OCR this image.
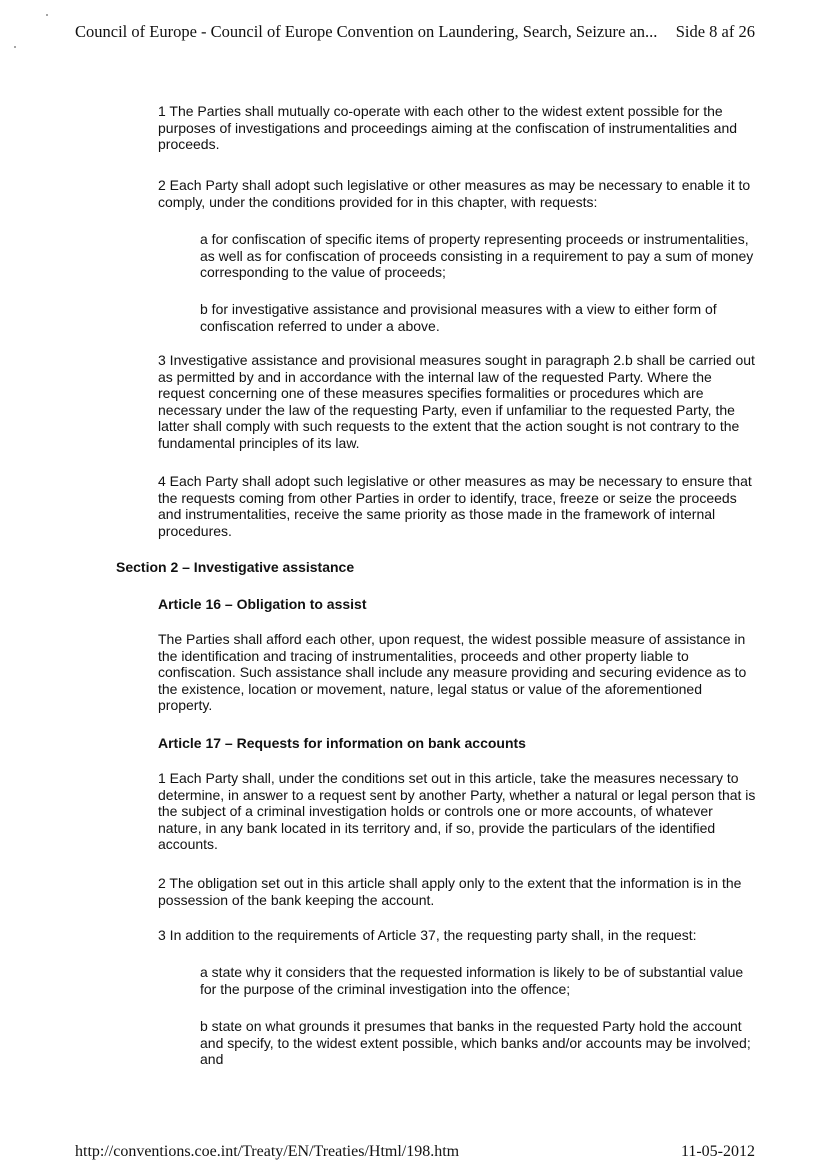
Council of Europe - Council of Europe Convention on Laundering, Search, Seizure an... Side 8 af 26

1 The Parties shall mutually co-operate with each other to the widest extent possible for the purposes of investigations and proceedings aiming at the confiscation of instrumentalities and proceeds.

2 Each Party shall adopt such legislative or other measures as may be necessary to enable it to comply, under the conditions provided for in this chapter, with requests:

a for confiscation of specific items of property representing proceeds or instrumentalities, as well as for confiscation of proceeds consisting in a requirement to pay a sum of money corresponding to the value of proceeds;

b for investigative assistance and provisional measures with a view to either form of confiscation referred to under a above.

3 Investigative assistance and provisional measures sought in paragraph 2.b shall be carried out as permitted by and in accordance with the internal law of the requested Party. Where the request concerning one of these measures specifies formalities or procedures which are necessary under the law of the requesting Party, even if unfamiliar to the requested Party, the latter shall comply with such requests to the extent that the action sought is not contrary to the fundamental principles of its law.

4 Each Party shall adopt such legislative or other measures as may be necessary to ensure that the requests coming from other Parties in order to identify, trace, freeze or seize the proceeds and instrumentalities, receive the same priority as those made in the framework of internal procedures.

Section 2 – Investigative assistance

Article 16 – Obligation to assist

The Parties shall afford each other, upon request, the widest possible measure of assistance in the identification and tracing of instrumentalities, proceeds and other property liable to confiscation. Such assistance shall include any measure providing and securing evidence as to the existence, location or movement, nature, legal status or value of the aforementioned property.

Article 17 – Requests for information on bank accounts

1 Each Party shall, under the conditions set out in this article, take the measures necessary to determine, in answer to a request sent by another Party, whether a natural or legal person that is the subject of a criminal investigation holds or controls one or more accounts, of whatever nature, in any bank located in its territory and, if so, provide the particulars of the identified accounts.

2 The obligation set out in this article shall apply only to the extent that the information is in the possession of the bank keeping the account.

3 In addition to the requirements of Article 37, the requesting party shall, in the request:

a state why it considers that the requested information is likely to be of substantial value for the purpose of the criminal investigation into the offence;

b state on what grounds it presumes that banks in the requested Party hold the account and specify, to the widest extent possible, which banks and/or accounts may be involved; and

http://conventions.coe.int/Treaty/EN/Treaties/Html/198.htm	11-05-2012
